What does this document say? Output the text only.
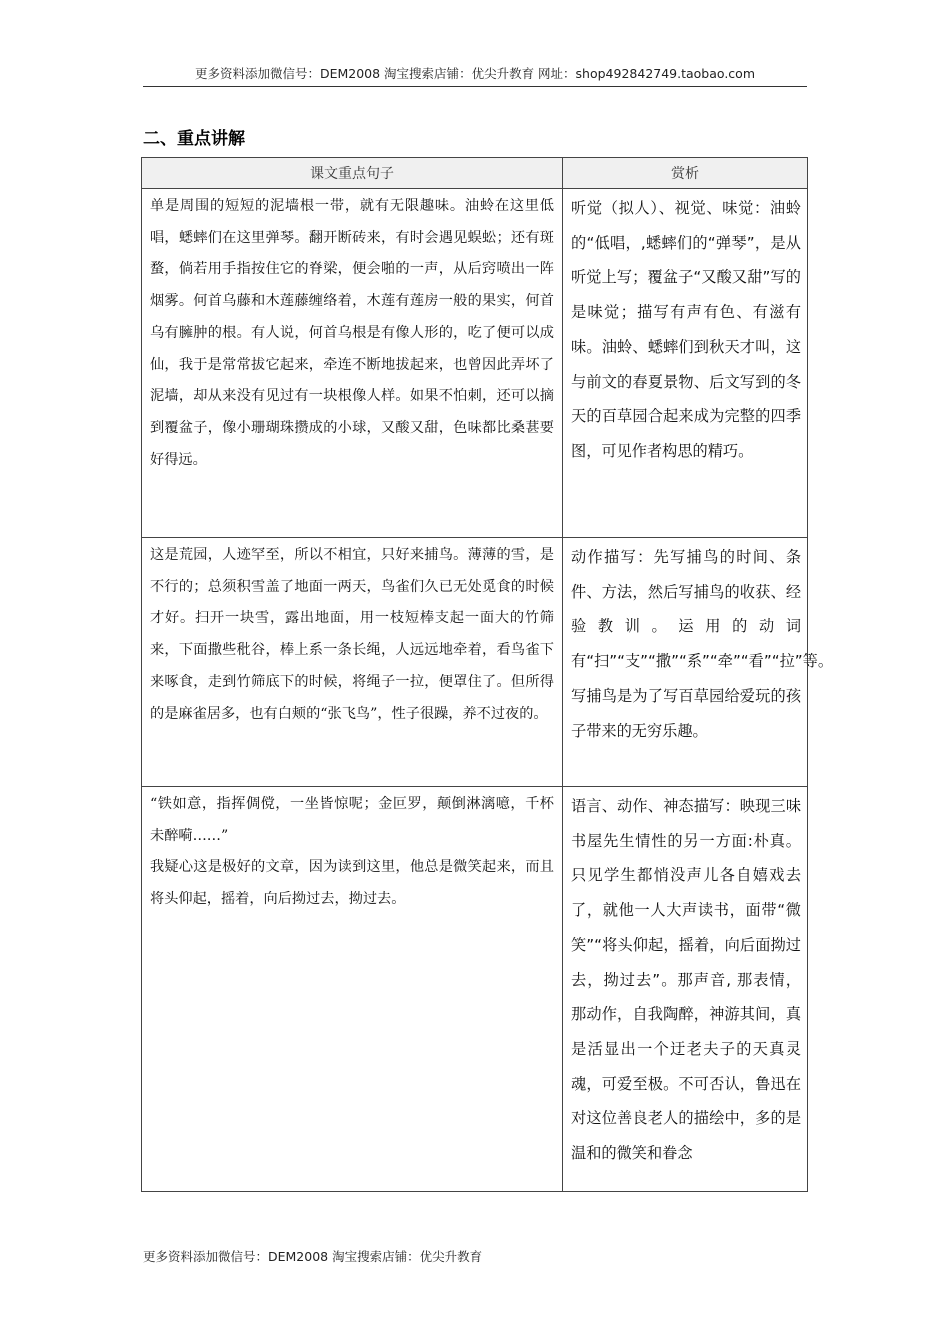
更多资料添加微信号：DEM2008 淘宝搜索店铺：优尖升教育 网址：shop492842749.taobao.com
二、重点讲解
课文重点句子	赏析
单是周围的短短的泥墙根一带，就有无限趣味。油蛉在这里低唱，蟋蟀们在这里弹琴。翻开断砖来，有时会遇见蜈蚣；还有斑蝥，倘若用手指按住它的脊梁，便会啪的一声，从后窍喷出一阵烟雾。何首乌藤和木莲藤缠络着，木莲有莲房一般的果实，何首乌有臃肿的根。有人说，何首乌根是有像人形的，吃了便可以成仙，我于是常常拔它起来，牵连不断地拔起来，也曾因此弄坏了泥墙，却从来没有见过有一块根像人样。如果不怕刺，还可以摘到覆盆子，像小珊瑚珠攒成的小球，又酸又甜，色味都比桑葚要好得远。	听觉（拟人）、视觉、味觉：油蛉的“低唱，,蟋蟀们的“弹琴”，是从听觉上写；覆盆子“又酸又甜”写的是味觉；描写有声有色、有滋有味。油蛉、蟋蟀们到秋天才叫，这与前文的春夏景物、后文写到的冬天的百草园合起来成为完整的四季图，可见作者构思的精巧。
这是荒园，人迹罕至，所以不相宜，只好来捕鸟。薄薄的雪，是不行的；总须积雪盖了地面一两天，鸟雀们久已无处觅食的时候才好。扫开一块雪，露出地面，用一枝短棒支起一面大的竹筛来，下面撒些秕谷，棒上系一条长绳，人远远地牵着，看鸟雀下来啄食，走到竹筛底下的时候，将绳子一拉，便罩住了。但所得的是麻雀居多，也有白颊的“张飞鸟”，性子很躁，养不过夜的。	动作描写：先写捕鸟的时间、条件、方法，然后写捕鸟的收获、经验教训。运用的动词有“扫”“支”“撒”“系”“牵”“看”“拉”等。写捕鸟是为了写百草园给爱玩的孩子带来的无穷乐趣。

“铁如意，指挥倜傥，一坐皆惊呢；金叵罗，颠倒淋漓噫，千杯未醉嗬……”
我疑心这是极好的文章，因为读到这里，他总是微笑起来，而且将头仰起，摇着，向后拗过去，拗过去。	语言、动作、神态描写：映现三味书屋先生情性的另一方面:朴真。只见学生都悄没声儿各自嬉戏去了，就他一人大声读书，面带“微笑”“将头仰起，摇着，向后面拗过去，拗过去”。那声音, 那表情，那动作，自我陶醉，神游其间，真是活显出一个迂老夫子的天真灵魂，可爱至极。不可否认，鲁迅在对这位善良老人的描绘中，多的是温和的微笑和眷念
更多资料添加微信号：DEM2008 淘宝搜索店铺：优尖升教育
